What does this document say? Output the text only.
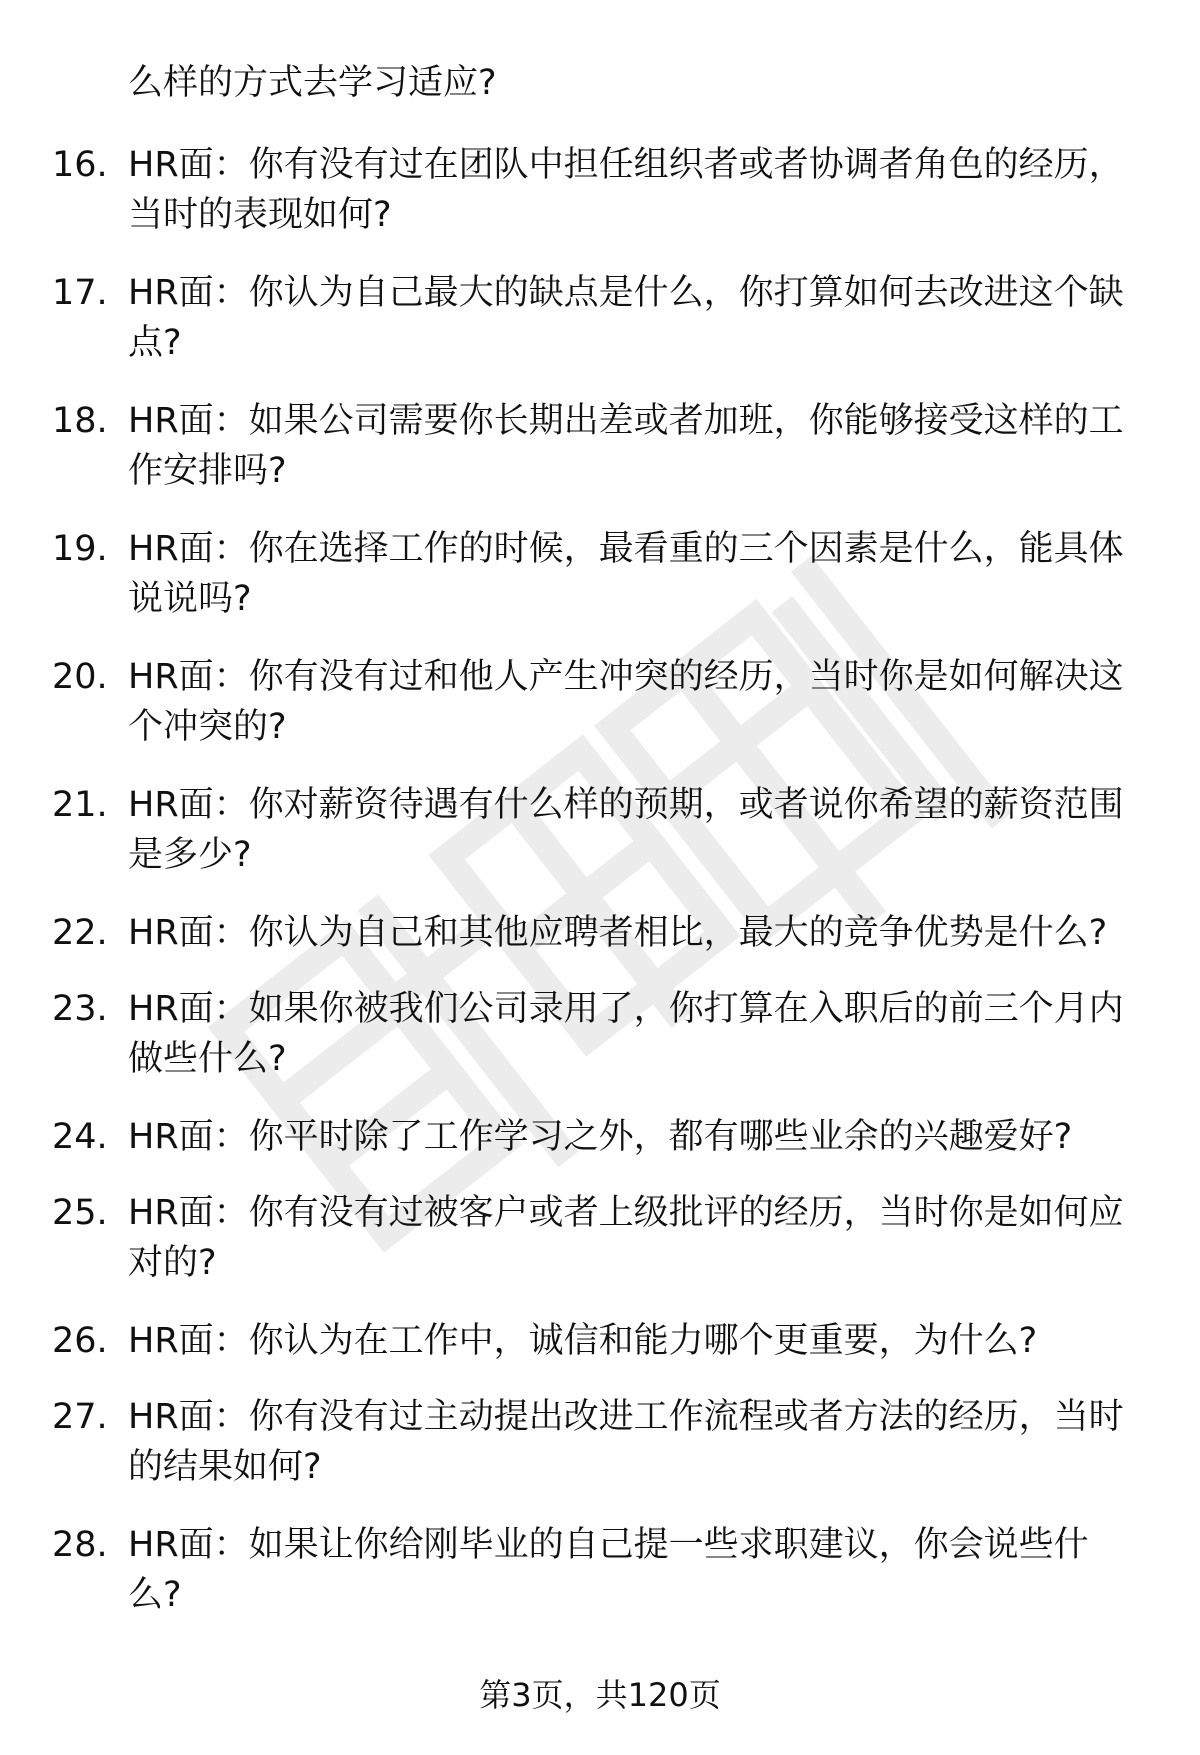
么样的方式去学习适应?
16. HR面：你有没有过在团队中担任组织者或者协调者角色的经历，
当时的表现如何?
17. HR面：你认为自己最大的缺点是什么，你打算如何去改进这个缺
点?
18. HR面：如果公司需要你长期出差或者加班，你能够接受这样的工
作安排吗?
19. HR面：你在选择工作的时候，最看重的三个因素是什么，能具体
说说吗?
20. HR面：你有没有过和他人产生冲突的经历，当时你是如何解决这
个冲突的?
21. HR面：你对薪资待遇有什么样的预期，或者说你希望的薪资范围
是多少?
22. HR面：你认为自己和其他应聘者相比，最大的竞争优势是什么?
23. HR面：如果你被我们公司录用了，你打算在入职后的前三个月内
做些什么?
24. HR面：你平时除了工作学习之外，都有哪些业余的兴趣爱好?
25. HR面：你有没有过被客户或者上级批评的经历，当时你是如何应
对的?
26. HR面：你认为在工作中，诚信和能力哪个更重要，为什么?
27. HR面：你有没有过主动提出改进工作流程或者方法的经历，当时
的结果如何?
28. HR面：如果让你给刚毕业的自己提一些求职建议，你会说些什
么?
第3页，共120页
